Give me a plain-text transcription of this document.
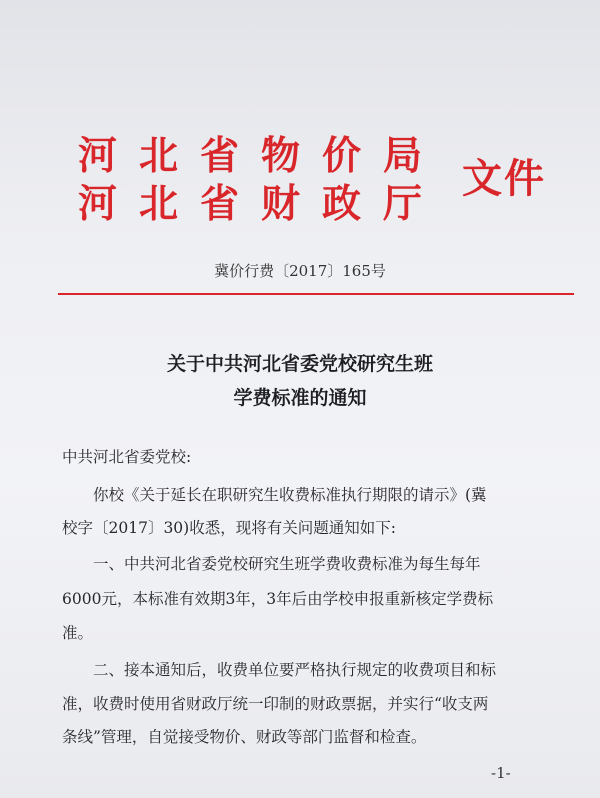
河北省物价局
河北省财政厅
文件
冀价行费〔2017〕165号
关于中共河北省委党校研究生班
学费标准的通知
中共河北省委党校:
你校《关于延长在职研究生收费标准执行期限的请示》(冀
校字〔2017〕30)收悉，现将有关问题通知如下:
一、中共河北省委党校研究生班学费收费标准为每生每年
6000元，本标准有效期3年，3年后由学校申报重新核定学费标
准。
二、接本通知后，收费单位要严格执行规定的收费项目和标
准，收费时使用省财政厅统一印制的财政票据，并实行“收支两
条线”管理，自觉接受物价、财政等部门监督和检查。
-1-
